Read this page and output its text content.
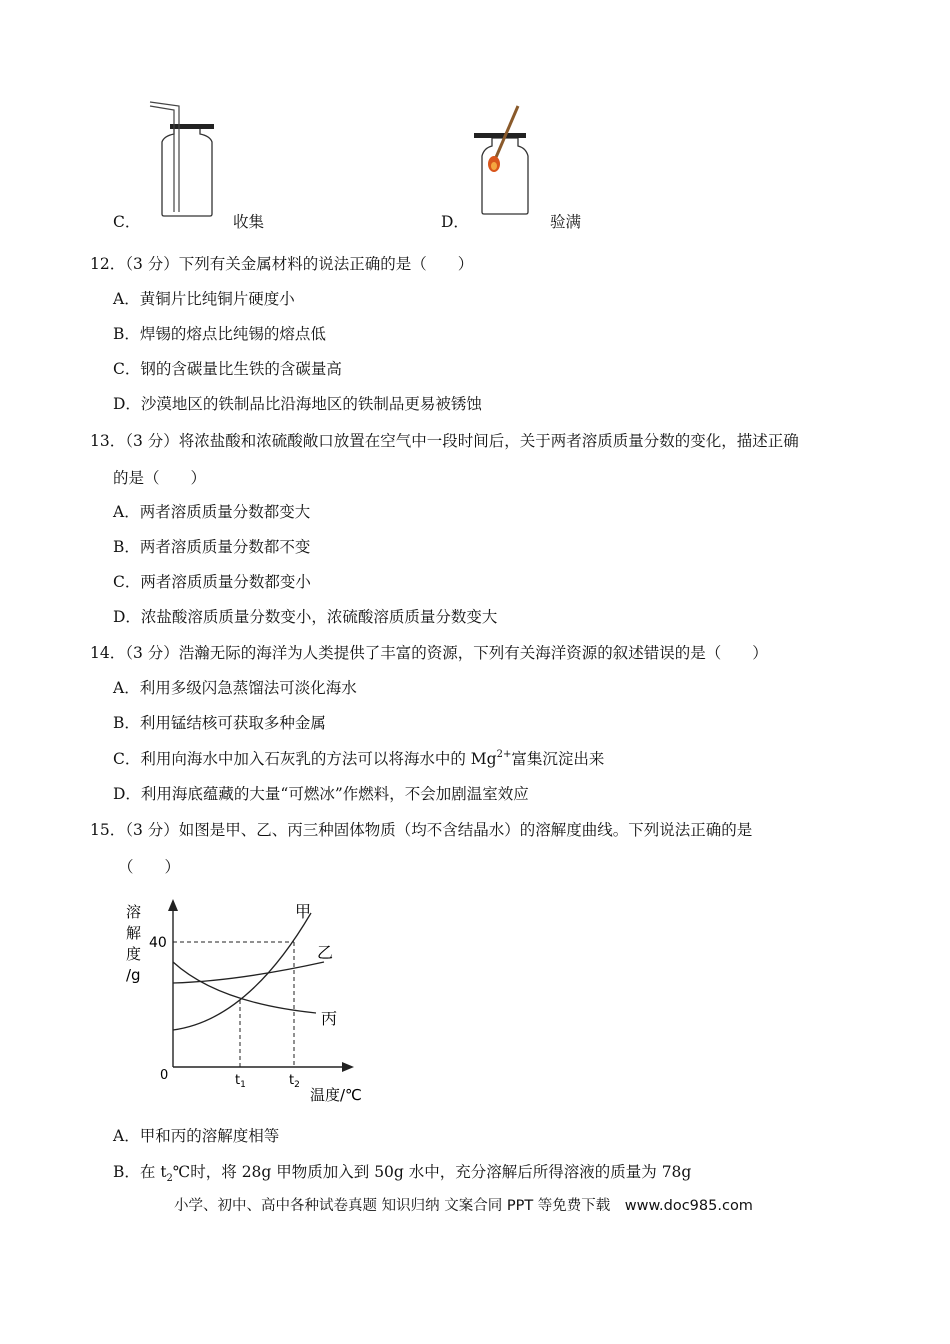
C．	收集	D．	验满
12．（3 分）下列有关金属材料的说法正确的是（　　）
A．黄铜片比纯铜片硬度小
B．焊锡的熔点比纯锡的熔点低
C．钢的含碳量比生铁的含碳量高
D．沙漠地区的铁制品比沿海地区的铁制品更易被锈蚀
13．（3 分）将浓盐酸和浓硫酸敞口放置在空气中一段时间后，关于两者溶质质量分数的变化，描述正确
的是（　　）
A．两者溶质质量分数都变大
B．两者溶质质量分数都不变
C．两者溶质质量分数都变小
D．浓盐酸溶质质量分数变小，浓硫酸溶质质量分数变大
14．（3 分）浩瀚无际的海洋为人类提供了丰富的资源，下列有关海洋资源的叙述错误的是（　　）
A．利用多级闪急蒸馏法可淡化海水
B．利用锰结核可获取多种金属
C．利用向海水中加入石灰乳的方法可以将海水中的 $Mg^{2+}$富集沉淀出来
D．利用海底蕴藏的大量“可燃冰”作燃料，不会加剧温室效应
15．（3 分）如图是甲、乙、丙三种固体物质（均不含结晶水）的溶解度曲线。下列说法正确的是
（　　）
溶
解
度
/g
40
0	$t_1$	$t_2$
温度/℃
甲
乙
丙
A．甲和丙的溶解度相等
B．在 $t_2℃$时，将 28g 甲物质加入到 50g 水中，充分溶解后所得溶液的质量为 78g
小学、初中、高中各种试卷真题 知识归纳 文案合同 PPT 等免费下载　www.doc985.com
